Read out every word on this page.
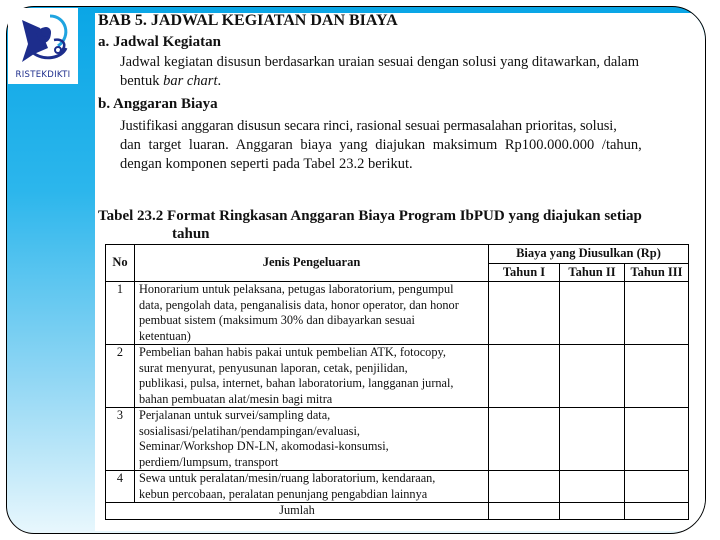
RISTEKDIKTI
BAB 5. JADWAL KEGIATAN DAN BIAYA
a. Jadwal Kegiatan
Jadwal kegiatan disusun berdasarkan uraian sesuai dengan solusi yang ditawarkan, dalam
bentuk bar chart.
b. Anggaran Biaya
Justifikasi anggaran disusun secara rinci, rasional sesuai permasalahan prioritas, solusi,
dan target luaran. Anggaran biaya yang diajukan maksimum Rp100.000.000 /tahun,
dengan komponen seperti pada Tabel 23.2 berikut.
Tabel 23.2 Format Ringkasan Anggaran Biaya Program IbPUD yang diajukan setiap
tahun
No	Jenis Pengeluaran	Biaya yang Diusulkan (Rp)		
		Tahun I	Tahun II	Tahun III
1	Honorarium untuk pelaksana, petugas laboratorium, pengumpul
data, pengolah data, penganalisis data, honor operator, dan honor
pembuat sistem (maksimum 30% dan dibayarkan sesuai
ketentuan)			

2	Pembelian bahan habis pakai untuk pembelian ATK, fotocopy,
surat menyurat, penyusunan laporan, cetak, penjilidan,
publikasi, pulsa, internet, bahan laboratorium, langganan jurnal,
bahan pembuatan alat/mesin bagi mitra			

3	Perjalanan untuk survei/sampling data,
sosialisasi/pelatihan/pendampingan/evaluasi,
Seminar/Workshop DN-LN, akomodasi-konsumsi,
perdiem/lumpsum, transport			

4	Sewa untuk peralatan/mesin/ruang laboratorium, kendaraan,
kebun percobaan, peralatan penunjang pengabdian lainnya			

Jumlah				
